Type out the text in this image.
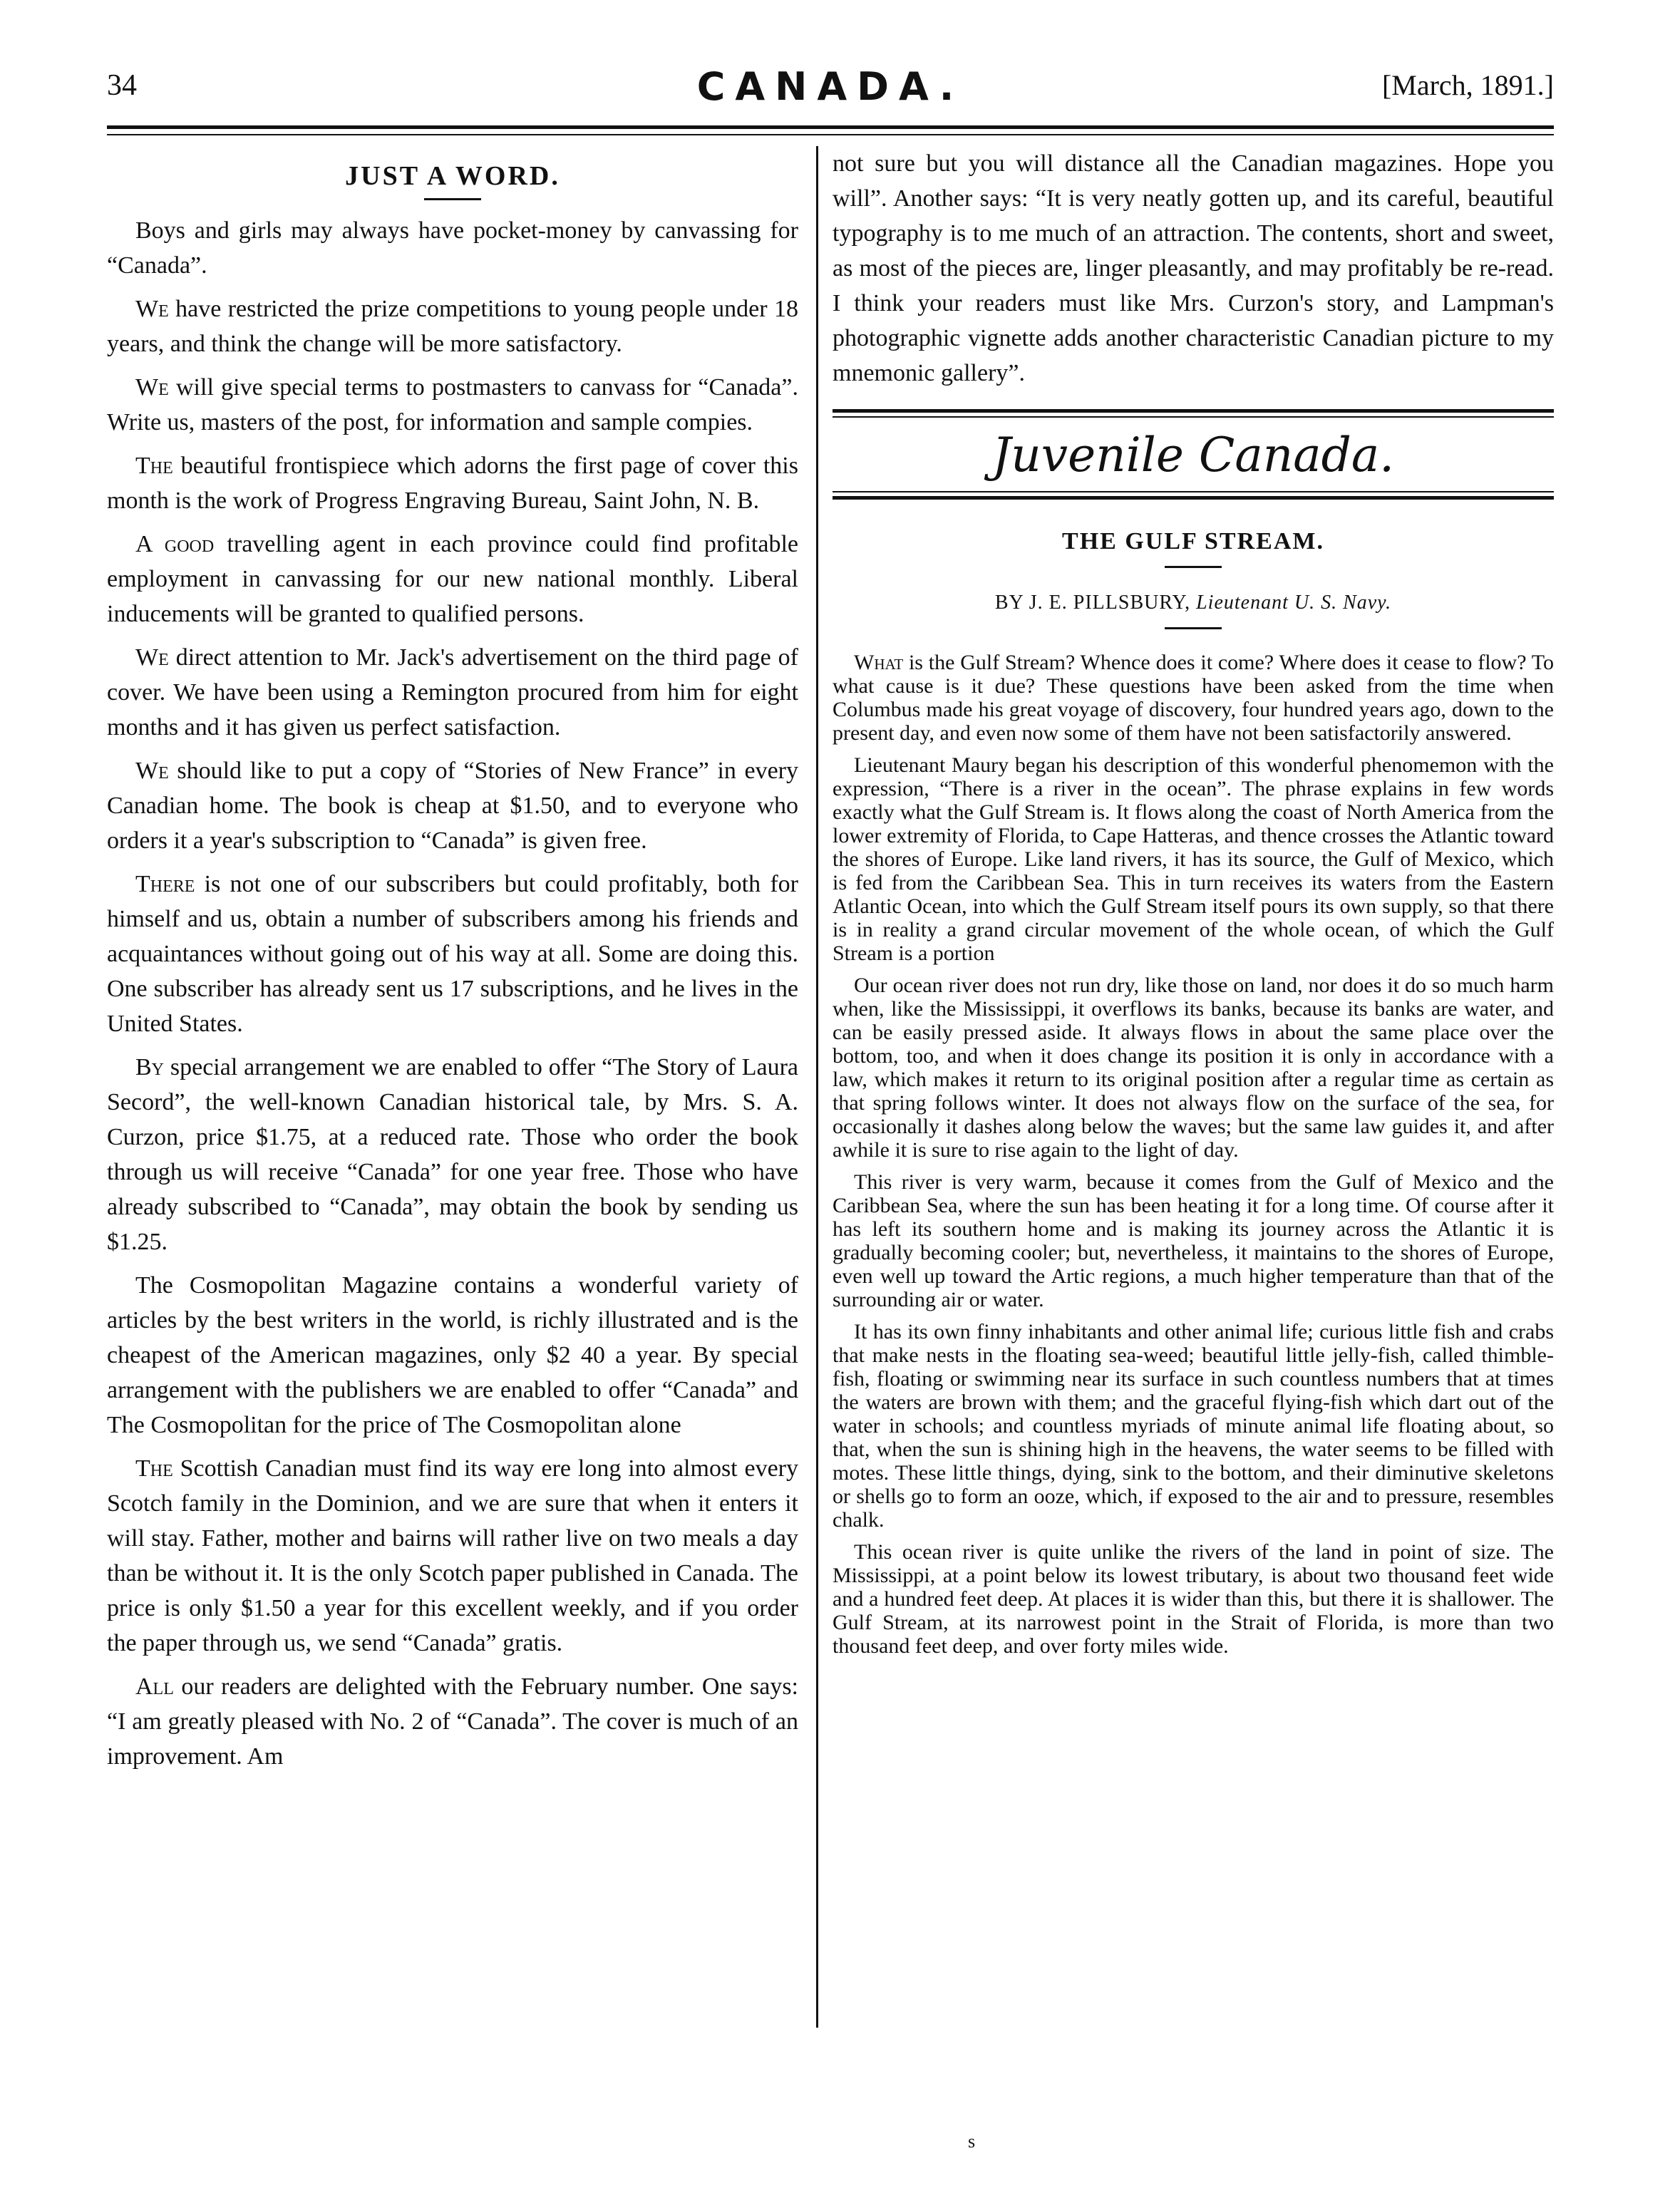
34	CANADA.	[March, 1891.]
JUST A WORD.

Boys and girls may always have pocket-money by canvassing for “Canada”.

We have restricted the prize competitions to young people under 18 years, and think the change will be more satisfactory.

We will give special terms to postmasters to canvass for “Canada”. Write us, masters of the post, for information and sample compies.

The beautiful frontispiece which adorns the first page of cover this month is the work of Progress Engraving Bureau, Saint John, N. B.

A good travelling agent in each province could find profitable employment in canvassing for our new national monthly. Liberal inducements will be granted to qualified persons.

We direct attention to Mr. Jack's advertisement on the third page of cover. We have been using a Remington procured from him for eight months and it has given us perfect satisfaction.

We should like to put a copy of “Stories of New France” in every Canadian home. The book is cheap at $1.50, and to everyone who orders it a year's subscription to “Canada” is given free.

There is not one of our subscribers but could profitably, both for himself and us, obtain a number of subscribers among his friends and acquaintances without going out of his way at all. Some are doing this. One subscriber has already sent us 17 subscriptions, and he lives in the United States.

By special arrangement we are enabled to offer “The Story of Laura Secord”, the well-known Canadian historical tale, by Mrs. S. A. Curzon, price $1.75, at a reduced rate. Those who order the book through us will receive “Canada” for one year free. Those who have already subscribed to “Canada”, may obtain the book by sending us $1.25.

The Cosmopolitan Magazine contains a wonderful variety of articles by the best writers in the world, is richly illustrated and is the cheapest of the American magazines, only $2 40 a year. By special arrangement with the publishers we are enabled to offer “Canada” and The Cosmopolitan for the price of The Cosmopolitan alone

The Scottish Canadian must find its way ere long into almost every Scotch family in the Dominion, and we are sure that when it enters it will stay. Father, mother and bairns will rather live on two meals a day than be without it. It is the only Scotch paper published in Canada. The price is only $1.50 a year for this excellent weekly, and if you order the paper through us, we send “Canada” gratis.

All our readers are delighted with the February number. One says: “I am greatly pleased with No. 2 of “Canada”. The cover is much of an improvement. Am

not sure but you will distance all the Canadian magazines. Hope you will”. Another says: “It is very neatly gotten up, and its careful, beautiful typography is to me much of an attraction. The contents, short and sweet, as most of the pieces are, linger pleasantly, and may profitably be re-read. I think your readers must like Mrs. Curzon's story, and Lampman's photographic vignette adds another characteristic Canadian picture to my mnemonic gallery”.

Juvenile Canada.
THE GULF STREAM.
BY J. E. PILLSBURY, Lieutenant U. S. Navy.

What is the Gulf Stream? Whence does it come? Where does it cease to flow? To what cause is it due? These questions have been asked from the time when Columbus made his great voyage of discovery, four hundred years ago, down to the present day, and even now some of them have not been satisfactorily answered.

Lieutenant Maury began his description of this wonderful phenomemon with the expression, “There is a river in the ocean”. The phrase explains in few words exactly what the Gulf Stream is. It flows along the coast of North America from the lower extremity of Florida, to Cape Hatteras, and thence crosses the Atlantic toward the shores of Europe. Like land rivers, it has its source, the Gulf of Mexico, which is fed from the Caribbean Sea. This in turn receives its waters from the Eastern Atlantic Ocean, into which the Gulf Stream itself pours its own supply, so that there is in reality a grand circular movement of the whole ocean, of which the Gulf Stream is a portion

Our ocean river does not run dry, like those on land, nor does it do so much harm when, like the Mississippi, it overflows its banks, because its banks are water, and can be easily pressed aside. It always flows in about the same place over the bottom, too, and when it does change its position it is only in accordance with a law, which makes it return to its original position after a regular time as certain as that spring follows winter. It does not always flow on the surface of the sea, for occasionally it dashes along below the waves; but the same law guides it, and after awhile it is sure to rise again to the light of day.

This river is very warm, because it comes from the Gulf of Mexico and the Caribbean Sea, where the sun has been heating it for a long time. Of course after it has left its southern home and is making its journey across the Atlantic it is gradually becoming cooler; but, nevertheless, it maintains to the shores of Europe, even well up toward the Artic regions, a much higher temperature than that of the surrounding air or water.

It has its own finny inhabitants and other animal life; curious little fish and crabs that make nests in the floating sea-weed; beautiful little jelly-fish, called thimble-fish, floating or swimming near its surface in such countless numbers that at times the waters are brown with them; and the graceful flying-fish which dart out of the water in schools; and countless myriads of minute animal life floating about, so that, when the sun is shining high in the heavens, the water seems to be filled with motes. These little things, dying, sink to the bottom, and their diminutive skeletons or shells go to form an ooze, which, if exposed to the air and to pressure, resembles chalk.

This ocean river is quite unlike the rivers of the land in point of size. The Mississippi, at a point below its lowest tributary, is about two thousand feet wide and a hundred feet deep. At places it is wider than this, but there it is shallower. The Gulf Stream, at its narrowest point in the Strait of Florida, is more than two thousand feet deep, and over forty miles wide.

s
